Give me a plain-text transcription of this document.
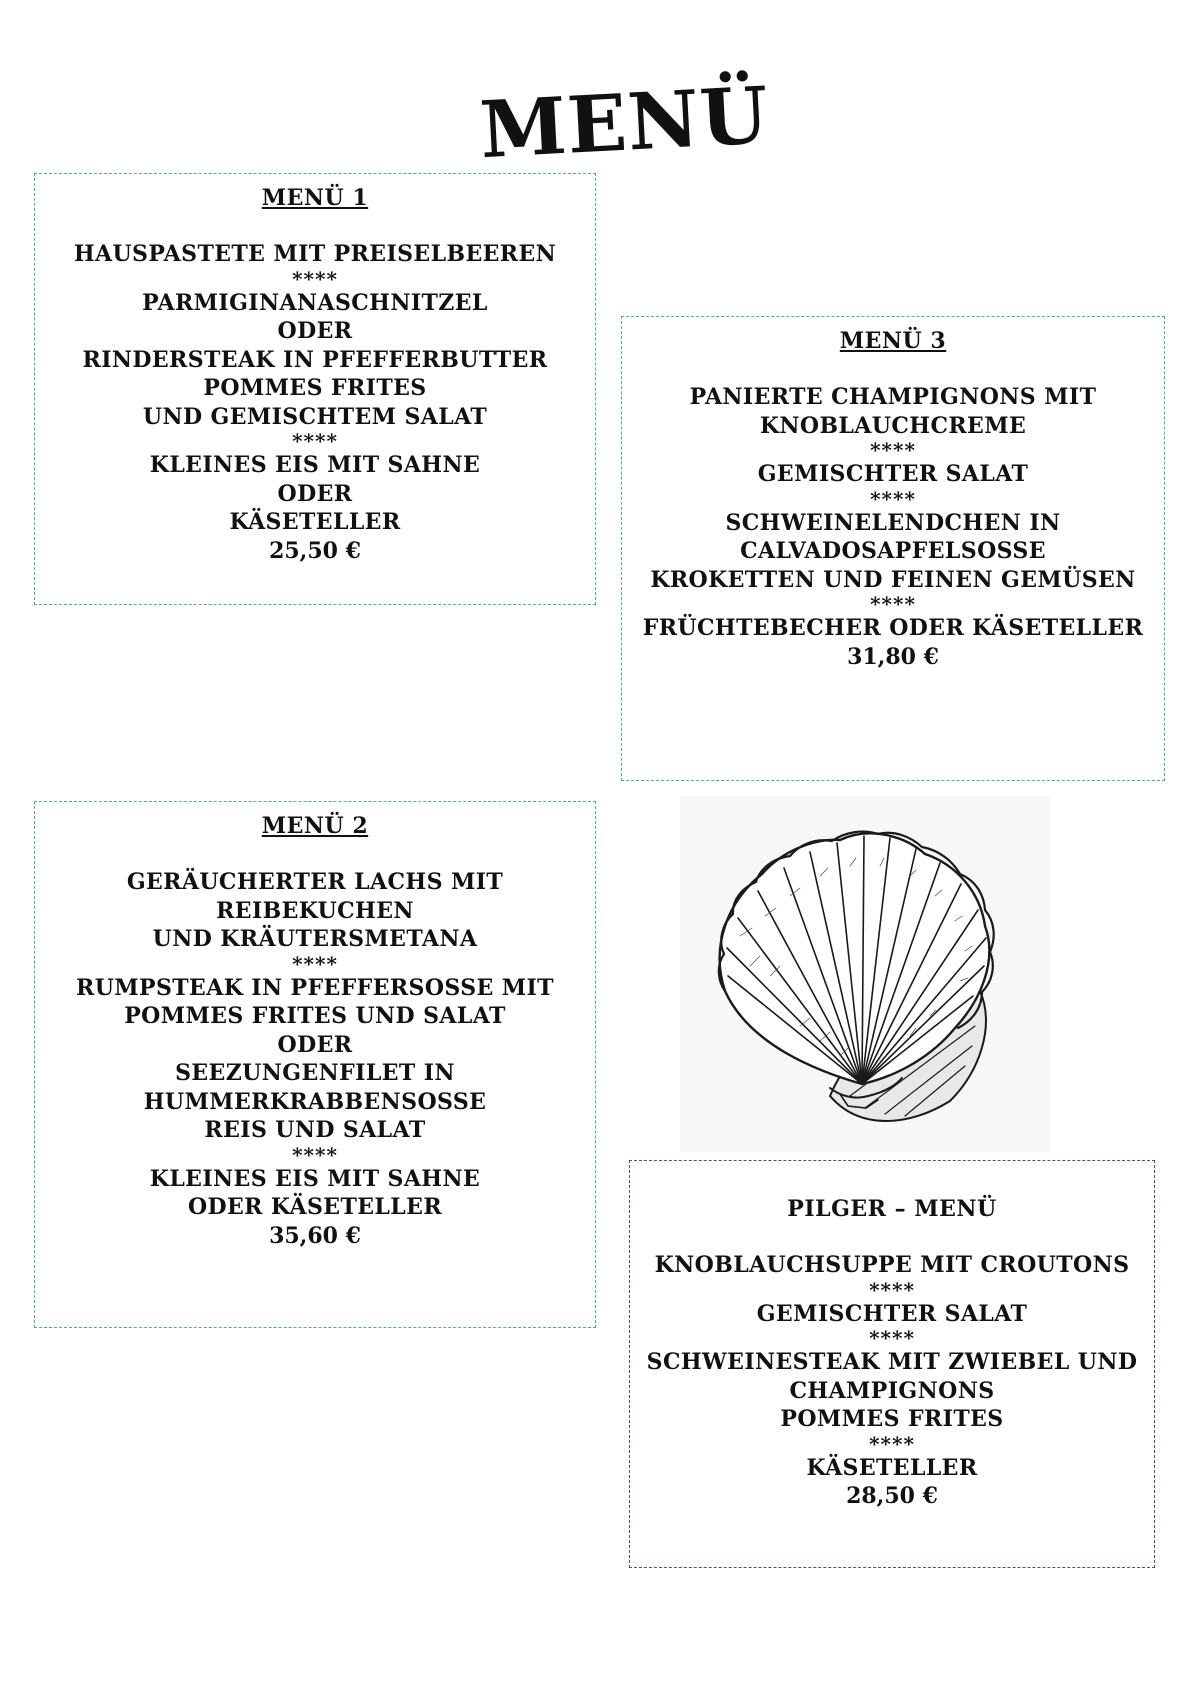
MENÜ
MENÜ 1
HAUSPASTETE MIT PREISELBEEREN
****
PARMIGINANASCHNITZEL
ODER
RINDERSTEAK IN PFEFFERBUTTER
POMMES FRITES
UND GEMISCHTEM SALAT
****
KLEINES EIS MIT SAHNE
ODER
KÄSETELLER
25,50 €
MENÜ 3
PANIERTE CHAMPIGNONS MIT
KNOBLAUCHCREME
****
GEMISCHTER SALAT
****
SCHWEINELENDCHEN IN
CALVADOSAPFELSOSSE
KROKETTEN UND FEINEN GEMÜSEN
****
FRÜCHTEBECHER ODER KÄSETELLER
31,80 €
MENÜ 2
GERÄUCHERTER LACHS MIT
REIBEKUCHEN
UND KRÄUTERSMETANA
****
RUMPSTEAK IN PFEFFERSOSSE MIT
POMMES FRITES UND SALAT
ODER
SEEZUNGENFILET IN
HUMMERKRABBENSOSSE
REIS UND SALAT
****
KLEINES EIS MIT SAHNE
ODER KÄSETELLER
35,60 €
PILGER – MENÜ
KNOBLAUCHSUPPE MIT CROUTONS
****
GEMISCHTER SALAT
****
SCHWEINESTEAK MIT ZWIEBEL UND
CHAMPIGNONS
POMMES FRITES
****
KÄSETELLER
28,50 €
